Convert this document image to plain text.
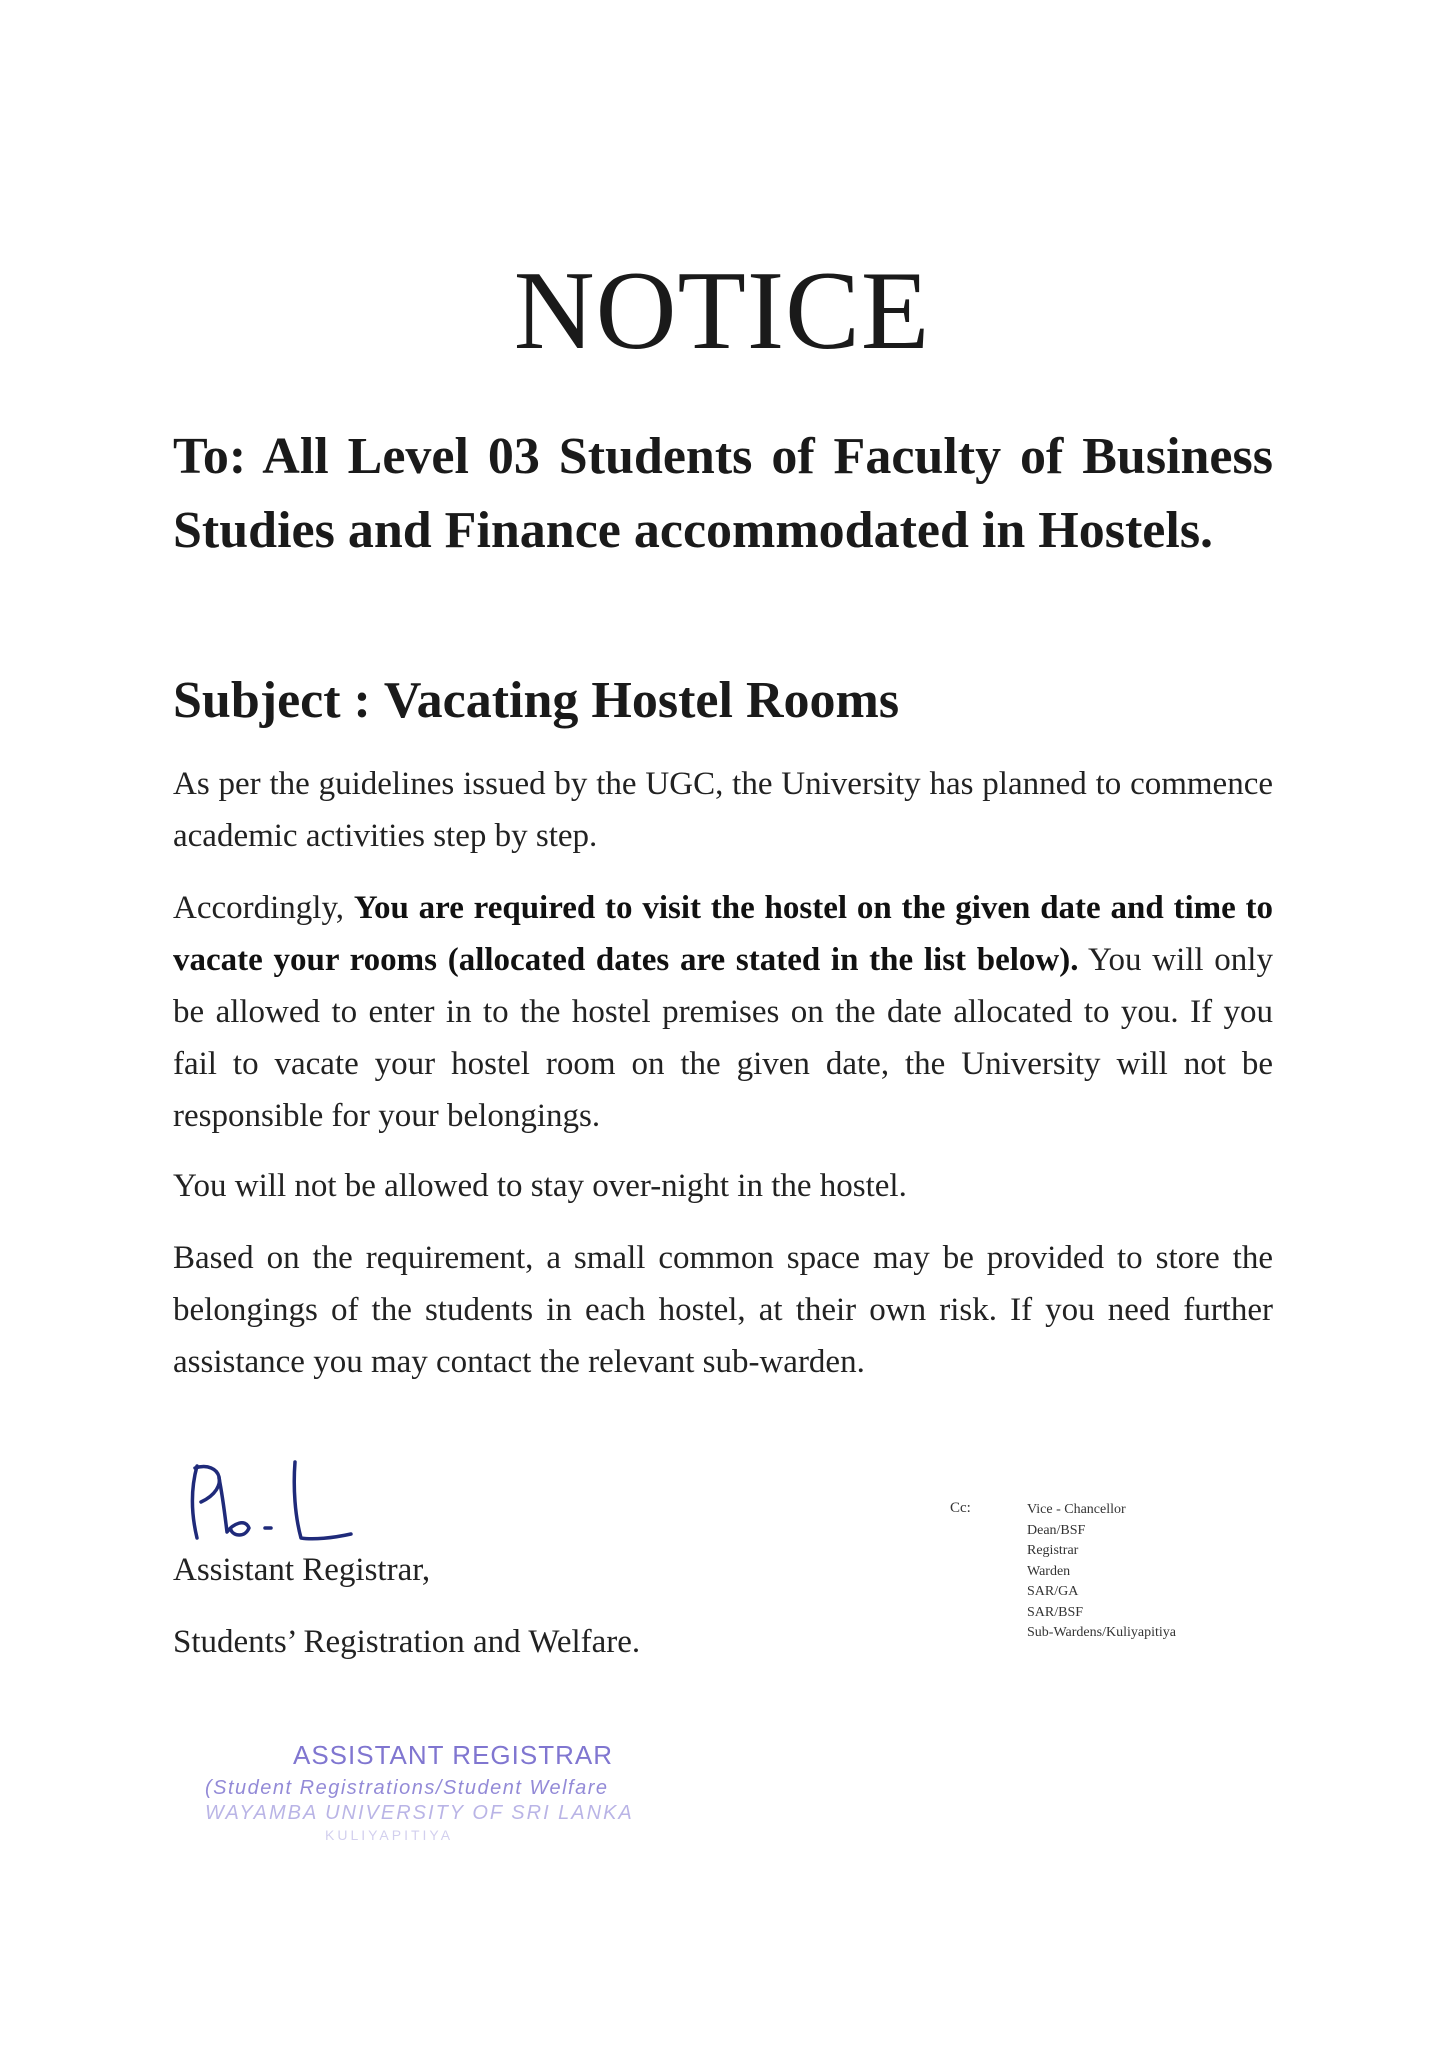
NOTICE
To: All Level 03 Students of Faculty of Business Studies and Finance accommodated in Hostels.
Subject : Vacating Hostel Rooms
As per the guidelines issued by the UGC, the University has planned to commence academic activities step by step.
Accordingly, You are required to visit the hostel on the given date and time to vacate your rooms (allocated dates are stated in the list below). You will only be allowed to enter in to the hostel premises on the date allocated to you. If you fail to vacate your hostel room on the given date, the University will not be responsible for your belongings.
You will not be allowed to stay over-night in the hostel.
Based on the requirement, a small common space may be provided to store the belongings of the students in each hostel, at their own risk. If you need further assistance you may contact the relevant sub-warden.
Assistant Registrar,
Students’ Registration and Welfare.
Cc:	Vice - Chancellor
Dean/BSF
Registrar
Warden
SAR/GA
SAR/BSF
Sub-Wardens/Kuliyapitiya
ASSISTANT REGISTRAR
(Student Registrations/Student Welfare
WAYAMBA UNIVERSITY OF SRI LANKA
KULIYAPITIYA
